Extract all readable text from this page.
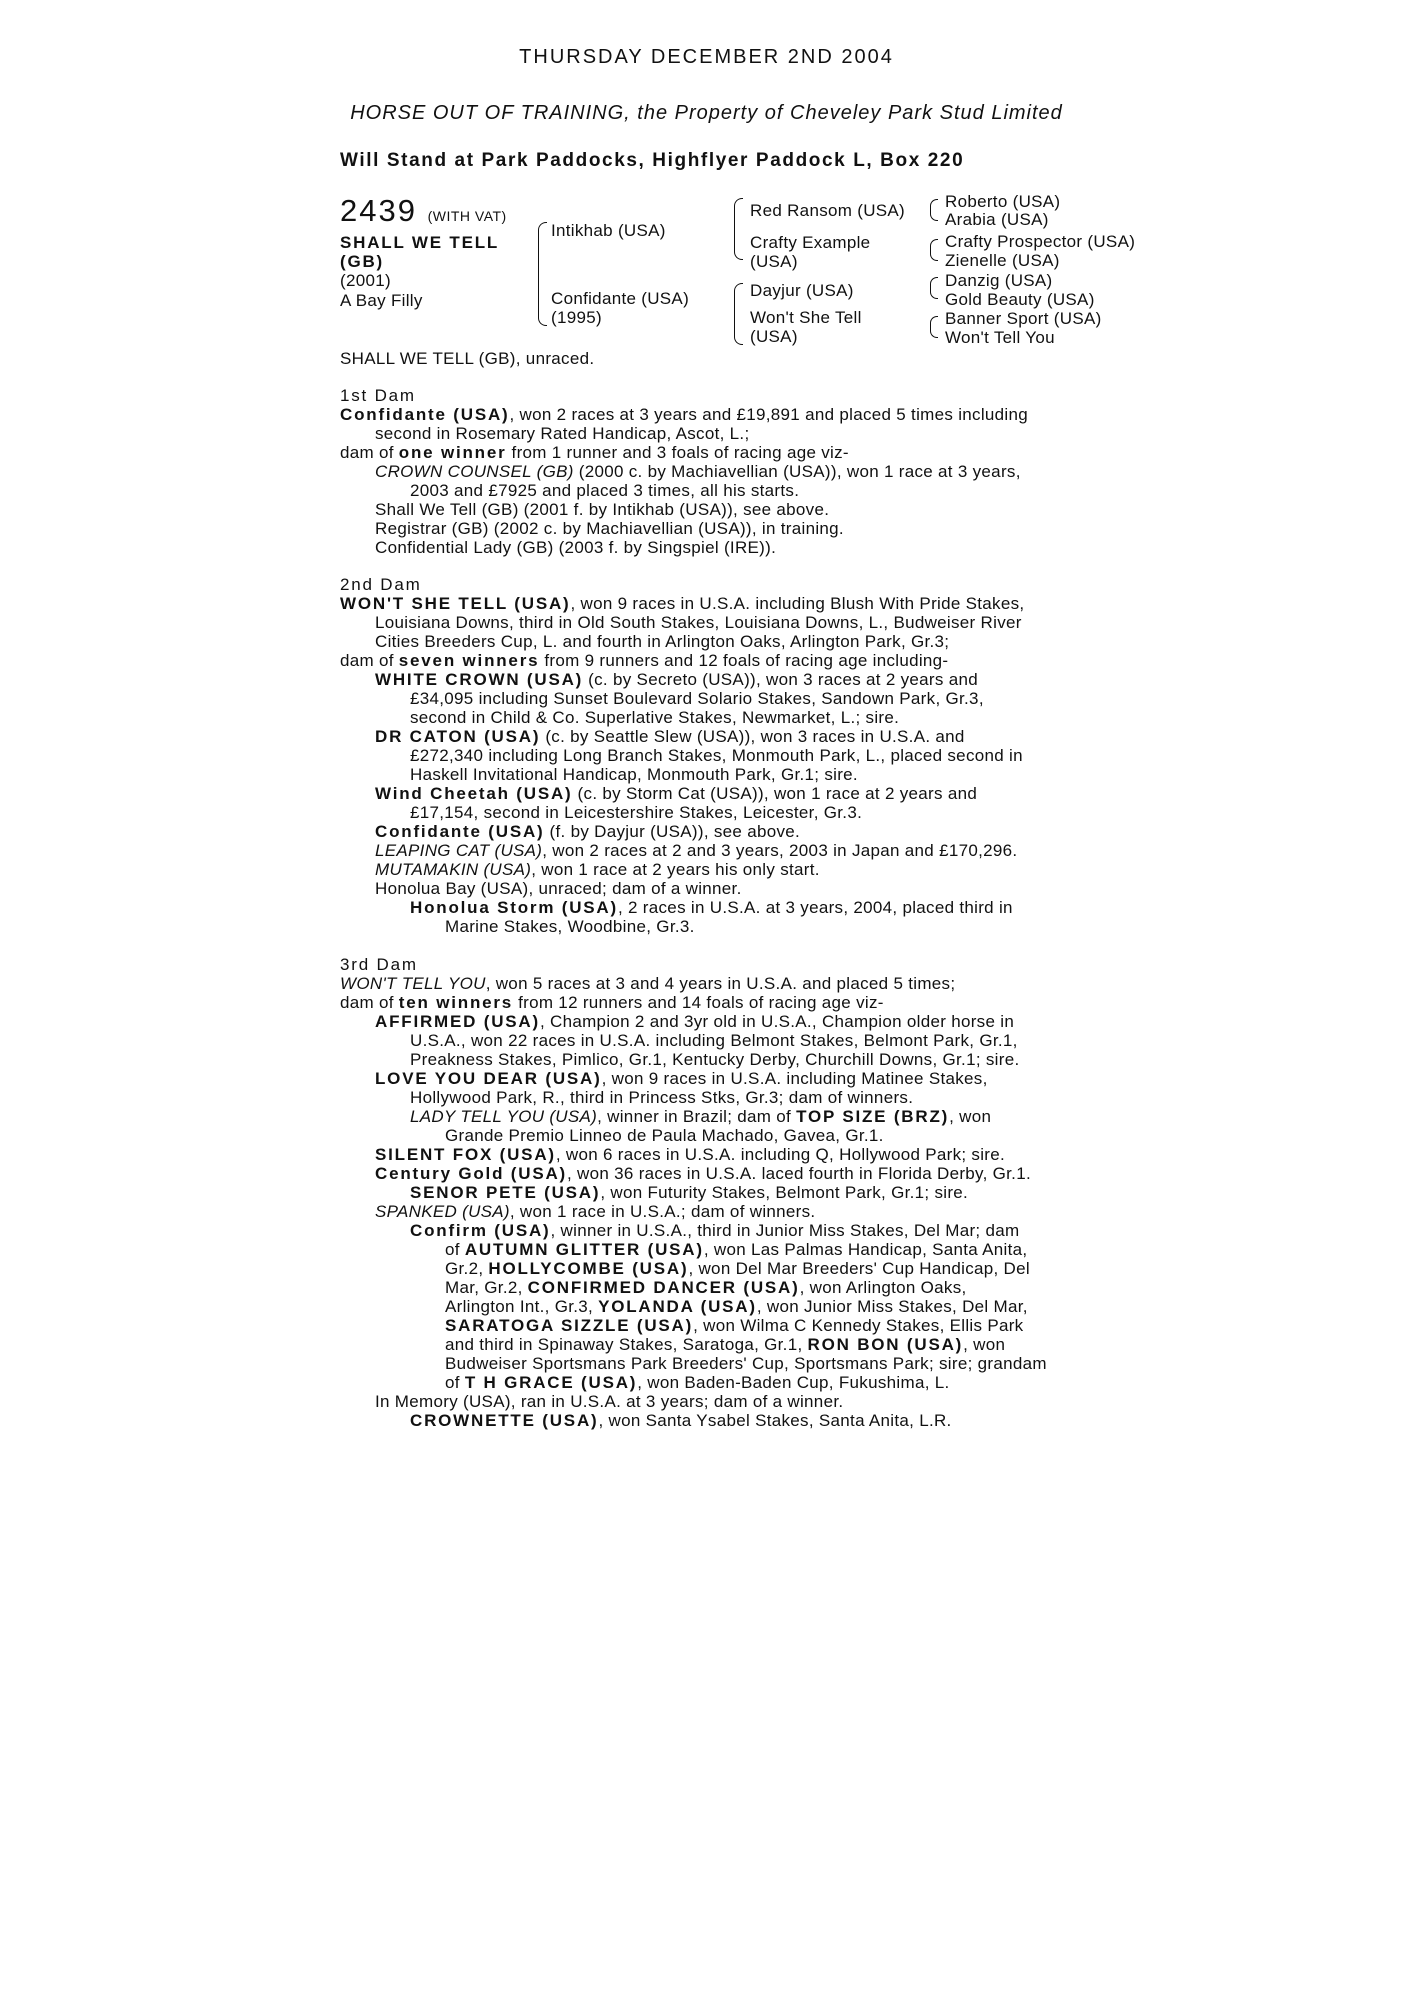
THURSDAY DECEMBER 2ND 2004
HORSE OUT OF TRAINING, the Property of Cheveley Park Stud Limited
Will Stand at Park Paddocks, Highflyer Paddock L, Box 220
2439 (WITH VAT)
SHALL WE TELL
(GB)
(2001)
A Bay Filly
Intikhab (USA)
Confidante (USA)
(1995)
Red Ransom (USA)
Crafty Example
(USA)
Dayjur (USA)
Won't She Tell
(USA)
Roberto (USA)
Arabia (USA)
Crafty Prospector (USA)
Zienelle (USA)
Danzig (USA)
Gold Beauty (USA)
Banner Sport (USA)
Won't Tell You
SHALL WE TELL (GB), unraced.
1st Dam
Confidante (USA), won 2 races at 3 years and £19,891 and placed 5 times including
second in Rosemary Rated Handicap, Ascot, L.;
dam of one winner from 1 runner and 3 foals of racing age viz-
CROWN COUNSEL (GB) (2000 c. by Machiavellian (USA)), won 1 race at 3 years,
2003 and £7925 and placed 3 times, all his starts.
Shall We Tell (GB) (2001 f. by Intikhab (USA)), see above.
Registrar (GB) (2002 c. by Machiavellian (USA)), in training.
Confidential Lady (GB) (2003 f. by Singspiel (IRE)).
2nd Dam
WON'T SHE TELL (USA), won 9 races in U.S.A. including Blush With Pride Stakes,
Louisiana Downs, third in Old South Stakes, Louisiana Downs, L., Budweiser River
Cities Breeders Cup, L. and fourth in Arlington Oaks, Arlington Park, Gr.3;
dam of seven winners from 9 runners and 12 foals of racing age including-
WHITE CROWN (USA) (c. by Secreto (USA)), won 3 races at 2 years and
£34,095 including Sunset Boulevard Solario Stakes, Sandown Park, Gr.3,
second in Child & Co. Superlative Stakes, Newmarket, L.; sire.
DR CATON (USA) (c. by Seattle Slew (USA)), won 3 races in U.S.A. and
£272,340 including Long Branch Stakes, Monmouth Park, L., placed second in
Haskell Invitational Handicap, Monmouth Park, Gr.1; sire.
Wind Cheetah (USA) (c. by Storm Cat (USA)), won 1 race at 2 years and
£17,154, second in Leicestershire Stakes, Leicester, Gr.3.
Confidante (USA) (f. by Dayjur (USA)), see above.
LEAPING CAT (USA), won 2 races at 2 and 3 years, 2003 in Japan and £170,296.
MUTAMAKIN (USA), won 1 race at 2 years his only start.
Honolua Bay (USA), unraced; dam of a winner.
Honolua Storm (USA), 2 races in U.S.A. at 3 years, 2004, placed third in
Marine Stakes, Woodbine, Gr.3.
3rd Dam
WON'T TELL YOU, won 5 races at 3 and 4 years in U.S.A. and placed 5 times;
dam of ten winners from 12 runners and 14 foals of racing age viz-
AFFIRMED (USA), Champion 2 and 3yr old in U.S.A., Champion older horse in
U.S.A., won 22 races in U.S.A. including Belmont Stakes, Belmont Park, Gr.1,
Preakness Stakes, Pimlico, Gr.1, Kentucky Derby, Churchill Downs, Gr.1; sire.
LOVE YOU DEAR (USA), won 9 races in U.S.A. including Matinee Stakes,
Hollywood Park, R., third in Princess Stks, Gr.3; dam of winners.
LADY TELL YOU (USA), winner in Brazil; dam of TOP SIZE (BRZ), won
Grande Premio Linneo de Paula Machado, Gavea, Gr.1.
SILENT FOX (USA), won 6 races in U.S.A. including Q, Hollywood Park; sire.
Century Gold (USA), won 36 races in U.S.A. laced fourth in Florida Derby, Gr.1.
SENOR PETE (USA), won Futurity Stakes, Belmont Park, Gr.1; sire.
SPANKED (USA), won 1 race in U.S.A.; dam of winners.
Confirm (USA), winner in U.S.A., third in Junior Miss Stakes, Del Mar; dam
of AUTUMN GLITTER (USA), won Las Palmas Handicap, Santa Anita,
Gr.2, HOLLYCOMBE (USA), won Del Mar Breeders' Cup Handicap, Del
Mar, Gr.2, CONFIRMED DANCER (USA), won Arlington Oaks,
Arlington Int., Gr.3, YOLANDA (USA), won Junior Miss Stakes, Del Mar,
SARATOGA SIZZLE (USA), won Wilma C Kennedy Stakes, Ellis Park
and third in Spinaway Stakes, Saratoga, Gr.1, RON BON (USA), won
Budweiser Sportsmans Park Breeders' Cup, Sportsmans Park; sire; grandam
of T H GRACE (USA), won Baden-Baden Cup, Fukushima, L.
In Memory (USA), ran in U.S.A. at 3 years; dam of a winner.
CROWNETTE (USA), won Santa Ysabel Stakes, Santa Anita, L.R.
